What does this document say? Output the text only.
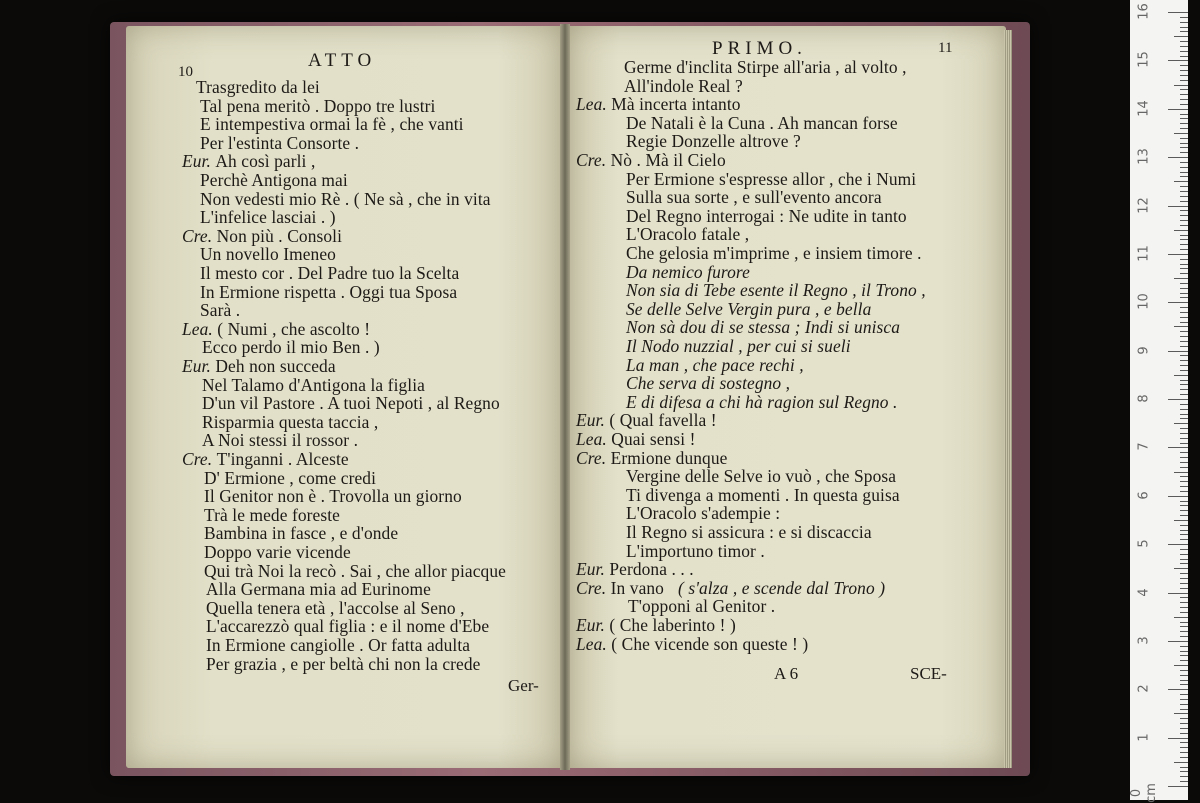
10
ATTO
PRIMO.	11
Trasgredito da lei
Tal pena meritò . Doppo tre lustri
E intempestiva ormai la fè , che vanti
Per l'estinta Consorte .
Eur. Ah così parli ,
Perchè Antigona mai
Non vedesti mio Rè . ( Ne sà , che in vita
L'infelice lasciai . )
Cre. Non più . Consoli
Un novello Imeneo
Il mesto cor . Del Padre tuo la Scelta
In Ermione rispetta . Oggi tua Sposa
Sarà .
Lea. ( Numi , che ascolto !
Ecco perdo il mio Ben . )
Eur. Deh non succeda
Nel Talamo d'Antigona la figlia
D'un vil Pastore . A tuoi Nepoti , al Regno
Risparmia questa taccia ,
A Noi stessi il rossor .
Cre. T'inganni . Alceste
D' Ermione , come credi
Il Genitor non è . Trovolla un giorno
Trà le mede foreste
Bambina in fasce , e d'onde
Doppo varie vicende
Qui trà Noi la recò . Sai , che allor piacque
Alla Germana mia ad Eurinome
Quella tenera età , l'accolse al Seno ,
L'accarezzò qual figlia : e il nome d'Ebe
In Ermione cangiolle . Or fatta adulta
Per grazia , e per beltà chi non la crede
Ger-
Germe d'inclita Stirpe all'aria , al volto ,
All'indole Real ?
Lea. Mà incerta intanto
De Natali è la Cuna . Ah mancan forse
Regie Donzelle altrove ?
Cre. Nò . Mà il Cielo
Per Ermione s'espresse allor , che i Numi
Sulla sua sorte , e sull'evento ancora
Del Regno interrogai : Ne udite in tanto
L'Oracolo fatale ,
Che gelosia m'imprime , e insiem timore .
Da nemico furore
Non sia di Tebe esente il Regno , il Trono ,
Se delle Selve Vergin pura , e bella
Non sà dou di se stessa ; Indi si unisca
Il Nodo nuzzial , per cui si sueli
La man , che pace rechi ,
Che serva di sostegno ,
E di difesa a chi hà ragion sul Regno .
Eur. ( Qual favella !
Lea. Quai sensi !
Cre. Ermione dunque
Vergine delle Selve io vuò , che Sposa
Ti divenga a momenti . In questa guisa
L'Oracolo s'adempie :
Il Regno si assicura : e si discaccia
L'importuno timor .
Eur. Perdona . . .
Cre. In vano ( s'alza , e scende dal Trono )
T'opponi al Genitor .
Eur. ( Che laberinto ! )
Lea. ( Che vicende son queste ! )
A 6	SCE-
16
15
14
13
12
11
10
9
8
7
6
5
4
3
2
1
0 cm
